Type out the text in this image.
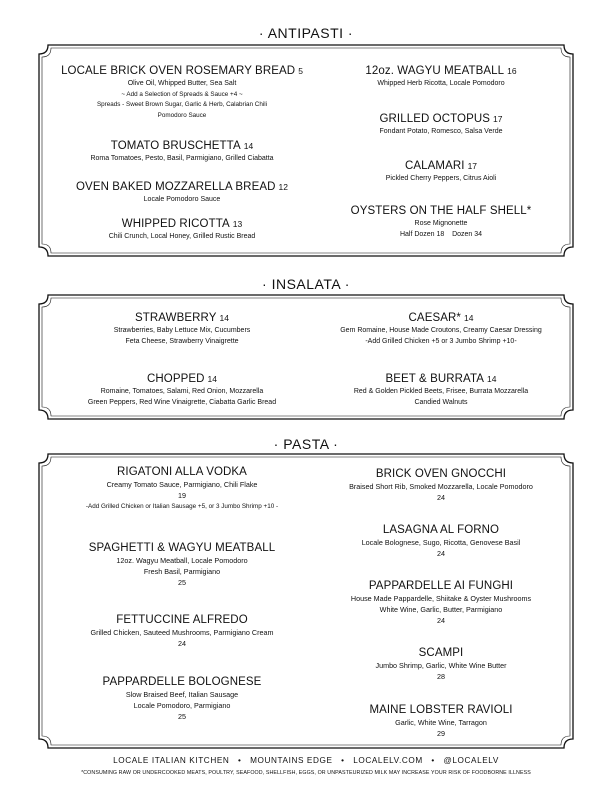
· ANTIPASTI ·
LOCALE BRICK OVEN ROSEMARY BREAD 5
Olive Oil, Whipped Butter, Sea Salt
~ Add a Selection of Spreads & Sauce +4 ~
Spreads - Sweet Brown Sugar, Garlic & Herb, Calabrian Chili
Pomodoro Sauce
TOMATO BRUSCHETTA 14
Roma Tomatoes, Pesto, Basil, Parmigiano, Grilled Ciabatta
OVEN BAKED MOZZARELLA BREAD 12
Locale Pomodoro Sauce
WHIPPED RICOTTA 13
Chili Crunch, Local Honey, Grilled Rustic Bread
12oz. WAGYU MEATBALL 16
Whipped Herb Ricotta, Locale Pomodoro
GRILLED OCTOPUS 17
Fondant Potato, Romesco, Salsa Verde
CALAMARI 17
Pickled Cherry Peppers, Citrus Aioli
OYSTERS ON THE HALF SHELL*
Rose Mignonette
Half Dozen 18    Dozen 34
· INSALATA ·
STRAWBERRY 14
Strawberries, Baby Lettuce Mix, Cucumbers
Feta Cheese, Strawberry Vinaigrette
CHOPPED 14
Romaine, Tomatoes, Salami, Red Onion, Mozzarella
Green Peppers, Red Wine Vinaigrette, Ciabatta Garlic Bread
CAESAR* 14
Gem Romaine, House Made Croutons, Creamy Caesar Dressing
-Add Grilled Chicken +5 or 3 Jumbo Shrimp +10-
BEET & BURRATA 14
Red & Golden Pickled Beets, Frisee, Burrata Mozzarella
Candied Walnuts
· PASTA ·
RIGATONI ALLA VODKA
Creamy Tomato Sauce, Parmigiano, Chili Flake
19
-Add Grilled Chicken or Italian Sausage +5, or 3 Jumbo Shrimp +10 -
SPAGHETTI & WAGYU MEATBALL
12oz. Wagyu Meatball, Locale Pomodoro
Fresh Basil, Parmigiano
25
FETTUCCINE ALFREDO
Grilled Chicken, Sauteed Mushrooms, Parmigiano Cream
24
PAPPARDELLE BOLOGNESE
Slow Braised Beef, Italian Sausage
Locale Pomodoro, Parmigiano
25
BRICK OVEN GNOCCHI
Braised Short Rib, Smoked Mozzarella, Locale Pomodoro
24
LASAGNA AL FORNO
Locale Bolognese, Sugo, Ricotta, Genovese Basil
24
PAPPARDELLE AI FUNGHI
House Made Pappardelle, Shiitake & Oyster Mushrooms
White Wine, Garlic, Butter, Parmigiano
24
SCAMPI
Jumbo Shrimp, Garlic, White Wine Butter
28
MAINE LOBSTER RAVIOLI
Garlic, White Wine, Tarragon
29
LOCALE ITALIAN KITCHEN   •   MOUNTAINS EDGE   •   LOCALELV.COM   •   @LOCALELV
*CONSUMING RAW OR UNDERCOOKED MEATS, POULTRY, SEAFOOD, SHELLFISH, EGGS, OR UNPASTEURIZED MILK MAY INCREASE YOUR RISK OF FOODBORNE ILLNESS
